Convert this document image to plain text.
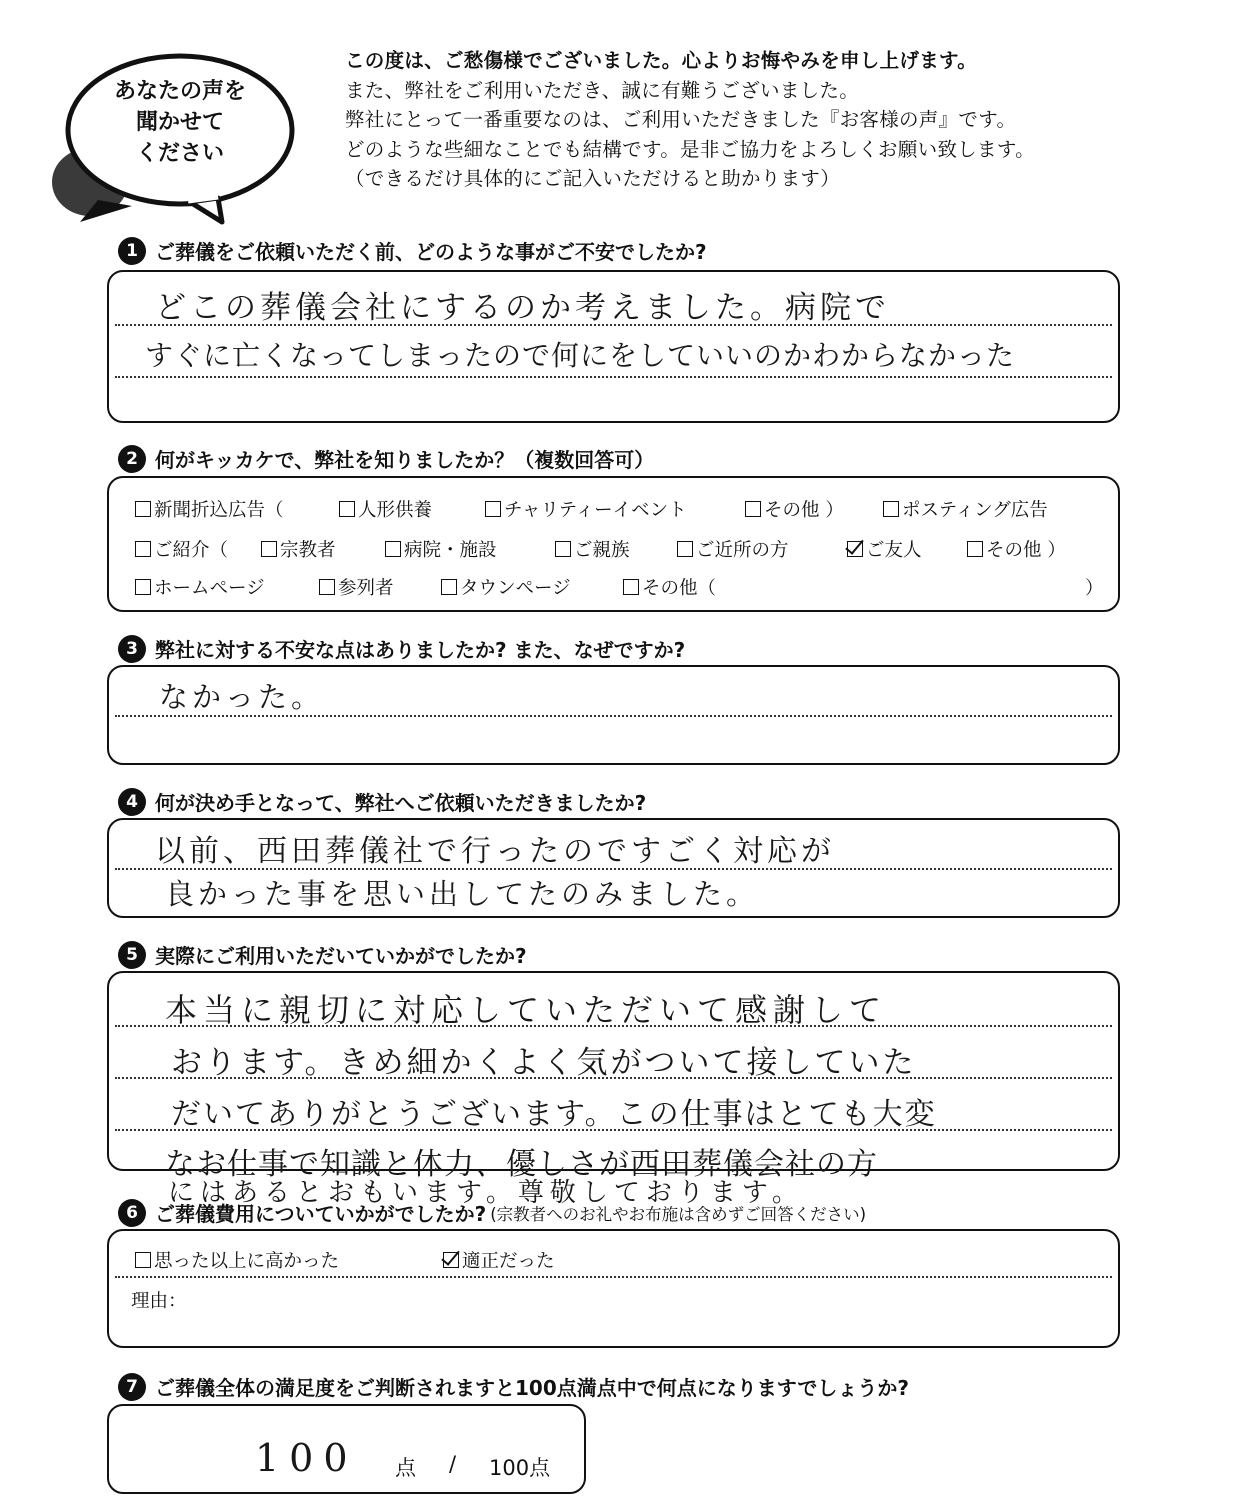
あなたの声を
聞かせて
ください
この度は、ご愁傷様でございました。心よりお悔やみを申し上げます。
また、弊社をご利用いただき、誠に有難うございました。
弊社にとって一番重要なのは、ご利用いただきました『お客様の声』です。
どのような些細なことでも結構です。是非ご協力をよろしくお願い致します。
（できるだけ具体的にご記入いただけると助かります）
1 ご葬儀をご依頼いただく前、どのような事がご不安でしたか?
どこの葬儀会社にするのか考えました。病院で
すぐに亡くなってしまったので何にをしていいのかわからなかった
2 何がキッカケで、弊社を知りましたか？（複数回答可）
新聞折込広告（	人形供養	チャリティーイベント	その他 ）	ポスティング広告
ご紹介（	宗教者	病院・施設	ご親族	ご近所の方	ご友人	その他 ）
ホームページ	参列者	タウンページ	その他（	）
3 弊社に対する不安な点はありましたか? また、なぜですか?
なかった。
4 何が決め手となって、弊社へご依頼いただきましたか?
以前、西田葬儀社で行ったのですごく対応が
良かった事を思い出してたのみました。
5 実際にご利用いただいていかがでしたか?
本当に親切に対応していただいて感謝して
おります。きめ細かくよく気がついて接していた
だいてありがとうございます。この仕事はとても大変
なお仕事で知識と体力、優しさが西田葬儀会社の方
にはあるとおもいます。尊敬しております。
6 ご葬儀費用についていかがでしたか? (宗教者へのお礼やお布施は含めずご回答ください)
思った以上に高かった	適正だった
理由：
7 ご葬儀全体の満足度をご判断されますと100点満点中で何点になりますでしょうか?
100 点 / 100点
